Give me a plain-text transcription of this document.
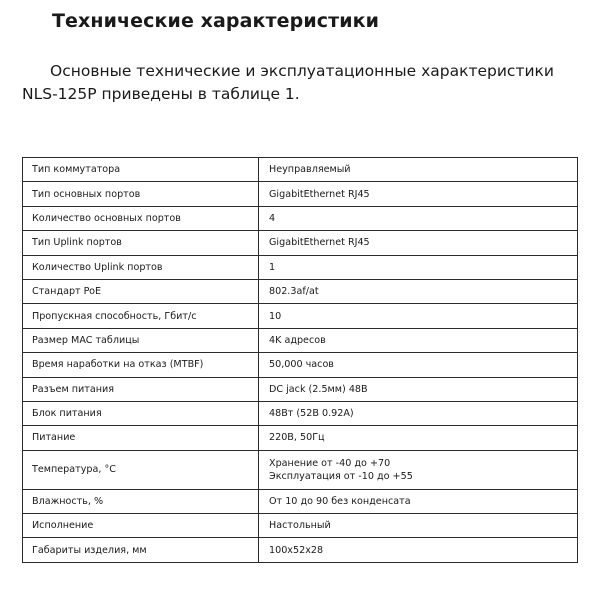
Технические характеристики

Основные технические и эксплуатационные характеристики NLS-125P приведены в таблице 1.

Тип коммутатора	Неуправляемый

Тип основных портов	GigabitEthernet RJ45

Количество основных портов	4

Тип Uplink портов	GigabitEthernet RJ45

Количество Uplink портов	1

Стандарт PoE	802.3af/at

Пропускная способность, Гбит/с	10

Размер MAC таблицы	4K адресов

Время наработки на отказ (MTBF)	50,000 часов

Разъем питания	DC jack (2.5мм) 48В

Блок питания	48Вт (52В 0.92А)

Питание	220В, 50Гц

Температура, °С	Хранение от -40 до +70
Эксплуатация от -10 до +55

Влажность, %	От 10 до 90 без конденсата

Исполнение	Настольный

Габариты изделия, мм	100x52x28
